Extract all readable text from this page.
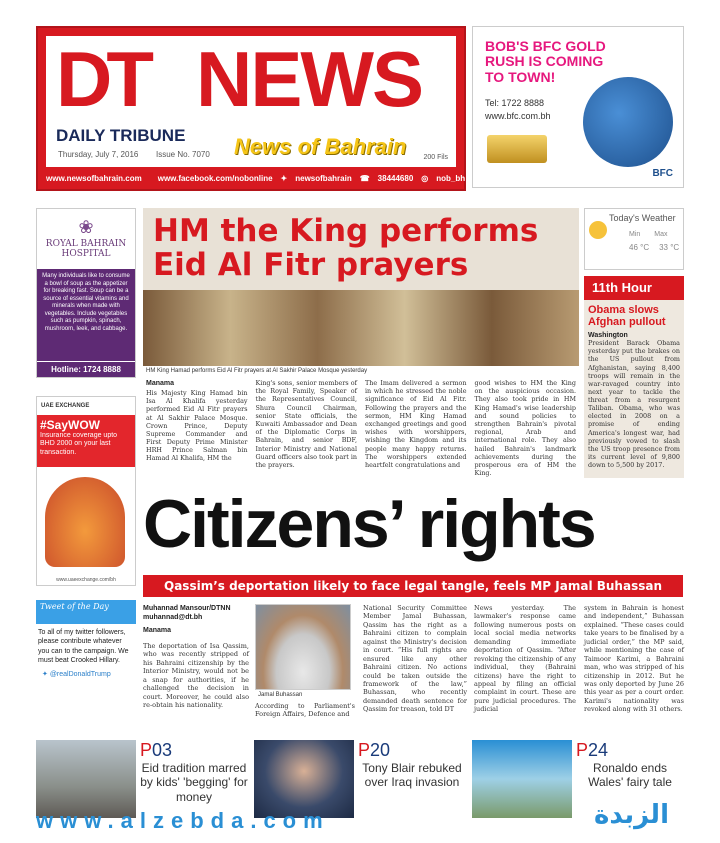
DT NEWS
DAILY TRIBUNE
Thursday, July 7, 2016 Issue No. 7070 News of Bahrain 200 Fils
www.newsofbahrain.com www.facebook.com/nobonline ✦ newsofbahrain ☎ 38444680 ◎ nob_bh
BOB'S BFC GOLD RUSH IS COMING TO TOWN!
Tel: 1722 8888
www.bfc.com.bh
BFC
❀
ROYAL BAHRAIN HOSPITAL
Many individuals like to consume a bowl of soup as the appetizer for breaking fast. Soup can be a source of essential vitamins and minerals when made with vegetables. Include vegetables such as pumpkin, spinach, mushroom, leek, and cabbage.
Hotline: 1724 8888
UAE EXCHANGE
#SayWOW
Insurance coverage upto BHD 2000 on your last transaction.
www.uaeexchange.com/bh
Tweet of the Day
To all of my twitter followers, please contribute whatever you can to the campaign. We must beat Crooked Hillary.
✦ @realDonaldTrump
HM the King performs Eid Al Fitr prayers
HM King Hamad performs Eid Al Fitr prayers at Al Sakhir Palace Mosque yesterday
Manama
His Majesty King Hamad bin Isa Al Khalifa yesterday performed Eid Al Fitr prayers at Al Sakhir Palace Mosque. Crown Prince, Deputy Supreme Commander and First Deputy Prime Minister HRH Prince Salman bin Hamad Al Khalifa, HM the
King's sons, senior members of the Royal Family, Speaker of the Representatives Council, Shura Council Chairman, senior State officials, the Kuwaiti Ambassador and Dean of the Diplomatic Corps in Bahrain, and senior BDF, Interior Ministry and National Guard officers also took part in the prayers.
The Imam delivered a sermon in which he stressed the noble significance of Eid Al Fitr. Following the prayers and the sermon, HM King Hamad exchanged greetings and good wishes with worshippers, wishing the Kingdom and its people many happy returns. The worshippers extended heartfelt congratulations and
good wishes to HM the King on the auspicious occasion. They also took pride in HM King Hamad's wise leadership and sound policies to strengthen Bahrain's pivotal regional, Arab and international role. They also hailed Bahrain's landmark achievements during the prosperous era of HM the King.
Today's Weather
Min Max
46 °C 33 °C
11th Hour
Obama slows Afghan pullout
Washington

President Barack Obama yesterday put the brakes on the US pullout from Afghanistan, saying 8,400 troops will remain in the war-ravaged country into next year to tackle the threat from a resurgent Taliban. Obama, who was elected in 2008 on a promise of ending America's longest war, had previously vowed to slash the US troop presence from its current level of 9,800 down to 5,500 by 2017.

Citizens’ rights
Qassim’s deportation likely to face legal tangle, feels MP Jamal Buhassan
Muhannad Mansour/DTNN
muhannad@dt.bh
Manama
The deportation of Isa Qassim, who was recently stripped of his Bahraini citizenship by the Interior Ministry, would not be a snap for authorities, if he challenged the decision in court. Moreover, he could also re-obtain his nationality.
Jamal Buhassan
According to Parliament's Foreign Affairs, Defence and
National Security Committee Member Jamal Buhassan, Qassim has the right as a Bahraini citizen to complain against the Ministry's decision in court. “His full rights are ensured like any other Bahraini citizen. No actions could be taken outside the framework of the law,” Buhassan, who recently demanded death sentence for Qassim for treason, told DT
News yesterday. The lawmaker's response came following numerous posts on local social media networks demanding immediate deportation of Qassim. “After revoking the citizenship of any individual, they (Bahraini citizens) have the right to appeal by filing an official complaint in court. These are pure judicial procedures. The judicial
system in Bahrain is honest and independent,” Buhassan explained. “These cases could take years to be finalised by a judicial order,” the MP said, while mentioning the case of Taimoor Karimi, a Bahraini man, who was stripped of his citizenship in 2012. But he was only deported by June 26 this year as per a court order. Karimi's nationality was revoked along with 31 others.
P03
Eid tradition marred by kids' 'begging' for money
P20
Tony Blair rebuked over Iraq invasion
P24
Ronaldo ends Wales' fairy tale
www.alzebda.com	الزبدة
